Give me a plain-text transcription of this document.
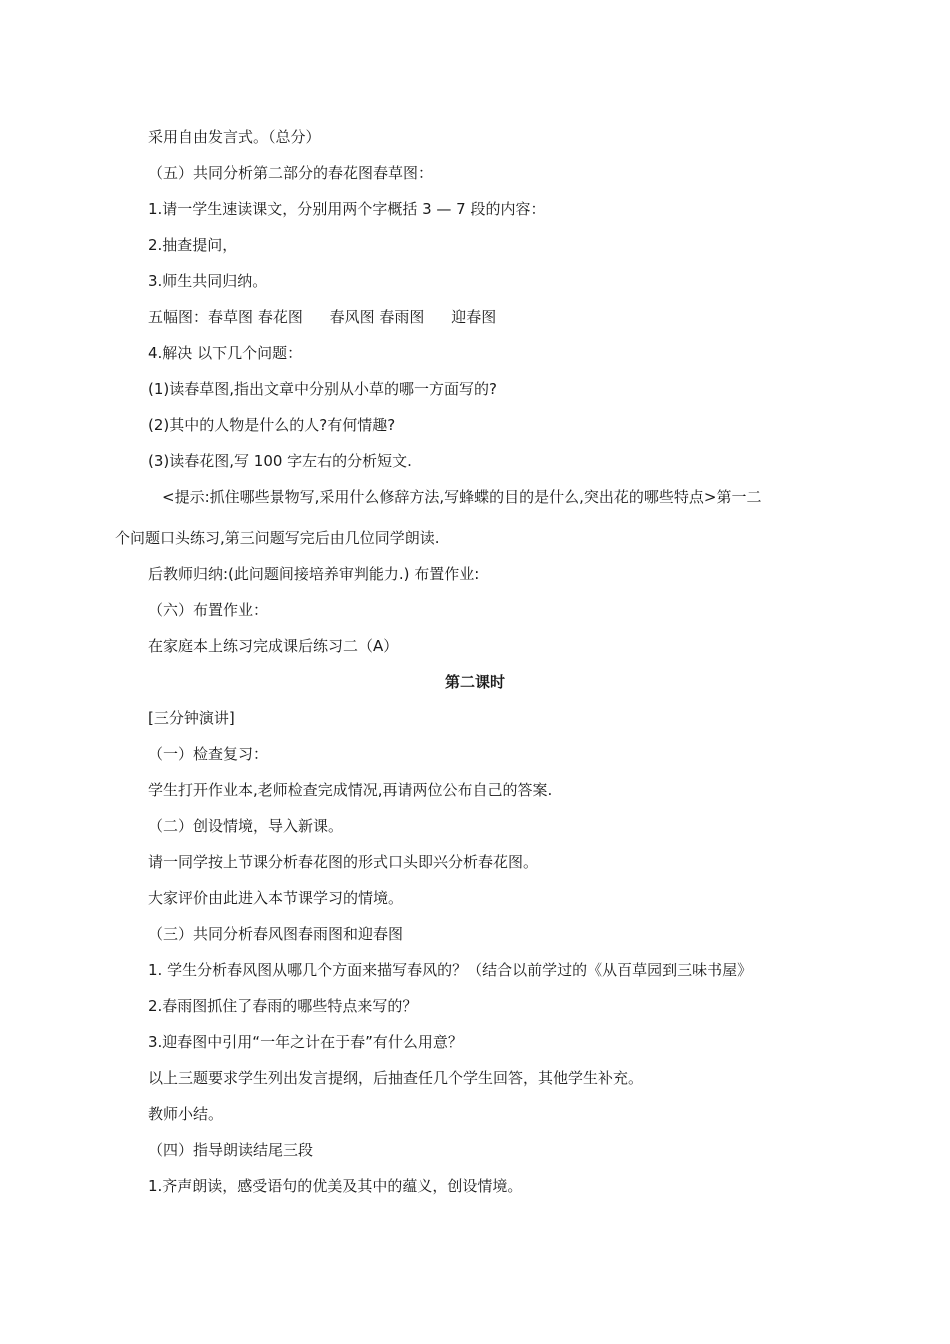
采用自由发言式。（总分）
（五）共同分析第二部分的春花图春草图：
1.请一学生速读课文，分别用两个字概括 3 — 7 段的内容：
2.抽查提问，
3.师生共同归纳。
五幅图：春草图 春花图 春风图 春雨图 迎春图
4.解决 以下几个问题：
(1)读春草图,指出文章中分别从小草的哪一方面写的?
(2)其中的人物是什么的人?有何情趣?
(3)读春花图,写 100 字左右的分析短文.
<提示:抓住哪些景物写,采用什么修辞方法,写蜂蝶的目的是什么,突出花的哪些特点>第一二
个问题口头练习,第三问题写完后由几位同学朗读.
后教师归纳:(此问题间接培养审判能力.) 布置作业:
（六）布置作业：
在家庭本上练习完成课后练习二（A）
第二课时
[三分钟演讲]
（一）检查复习：
学生打开作业本,老师检查完成情况,再请两位公布自己的答案.
（二）创设情境，导入新课。
请一同学按上节课分析春花图的形式口头即兴分析春花图。
大家评价由此进入本节课学习的情境。
（三）共同分析春风图春雨图和迎春图
1. 学生分析春风图从哪几个方面来描写春风的？（结合以前学过的《从百草园到三味书屋》
2.春雨图抓住了春雨的哪些特点来写的？
3.迎春图中引用“一年之计在于春”有什么用意？
以上三题要求学生列出发言提纲，后抽查任几个学生回答，其他学生补充。
教师小结。
（四）指导朗读结尾三段
1.齐声朗读，感受语句的优美及其中的蕴义，创设情境。
